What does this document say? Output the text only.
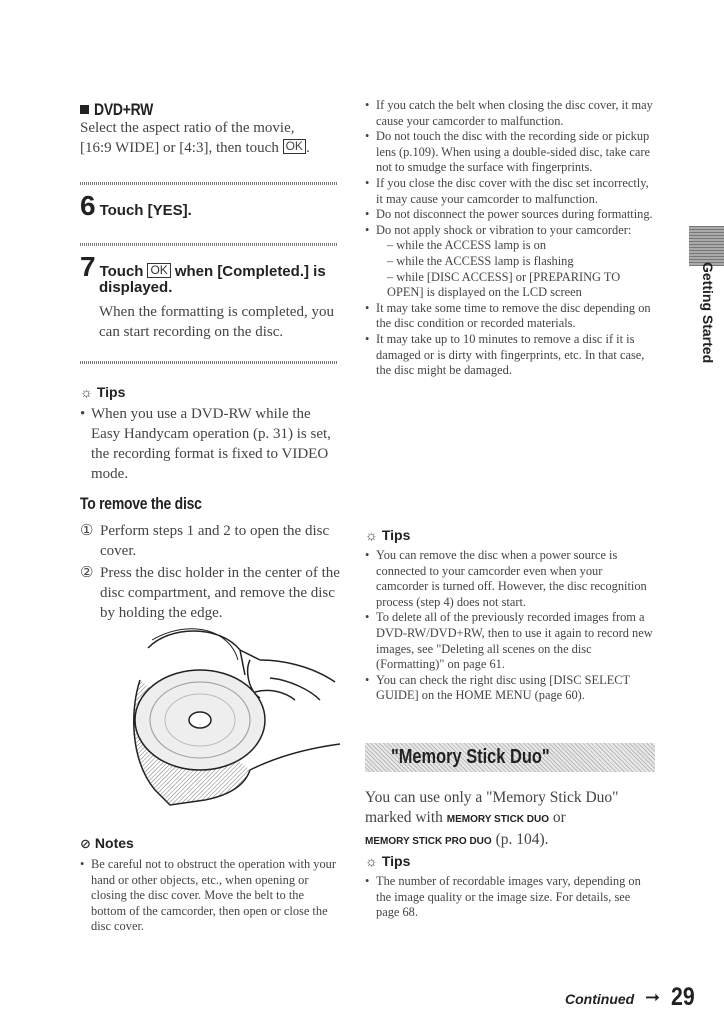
DVD+RW
Select the aspect ratio of the movie,
[16:9 WIDE] or [4:3], then touch OK .
6 Touch [YES].
7 Touch OK when [Completed.] is
displayed.
When the formatting is completed, you
can start recording on the disc.
☼ Tips
• When you use a DVD-RW while the Easy Handycam operation (p. 31) is set, the recording format is fixed to VIDEO mode.
To remove the disc
① Perform steps 1 and 2 to open the disc cover.
② Press the disc holder in the center of the disc compartment, and remove the disc by holding the edge.
⊘ Notes
• Be careful not to obstruct the operation with your hand or other objects, etc., when opening or closing the disc cover. Move the belt to the bottom of the camcorder, then open or close the disc cover.
• If you catch the belt when closing the disc cover, it may cause your camcorder to malfunction.
• Do not touch the disc with the recording side or pickup lens (p.109). When using a double-sided disc, take care not to smudge the surface with fingerprints.
• If you close the disc cover with the disc set incorrectly, it may cause your camcorder to malfunction.
• Do not disconnect the power sources during formatting.
• Do not apply shock or vibration to your camcorder:
– while the ACCESS lamp is on
– while the ACCESS lamp is flashing
– while [DISC ACCESS] or [PREPARING TO OPEN] is displayed on the LCD screen
• It may take some time to remove the disc depending on the disc condition or recorded materials.
• It may take up to 10 minutes to remove a disc if it is damaged or is dirty with fingerprints, etc. In that case, the disc might be damaged.
☼ Tips
• You can remove the disc when a power source is connected to your camcorder even when your camcorder is turned off. However, the disc recognition process (step 4) does not start.
• To delete all of the previously recorded images from a DVD-RW/DVD+RW, then to use it again to record new images, see "Deleting all scenes on the disc (Formatting)" on page 61.
• You can check the right disc using [DISC SELECT GUIDE] on the HOME MENU (page 60).
"Memory Stick Duo"
You can use only a "Memory Stick Duo"
marked with MEMORY STICK DUO or
MEMORY STICK PRO DUO (p. 104).
☼ Tips
• The number of recordable images vary, depending on the image quality or the image size. For details, see page 68.
Getting Started
Continued ➞ 29
